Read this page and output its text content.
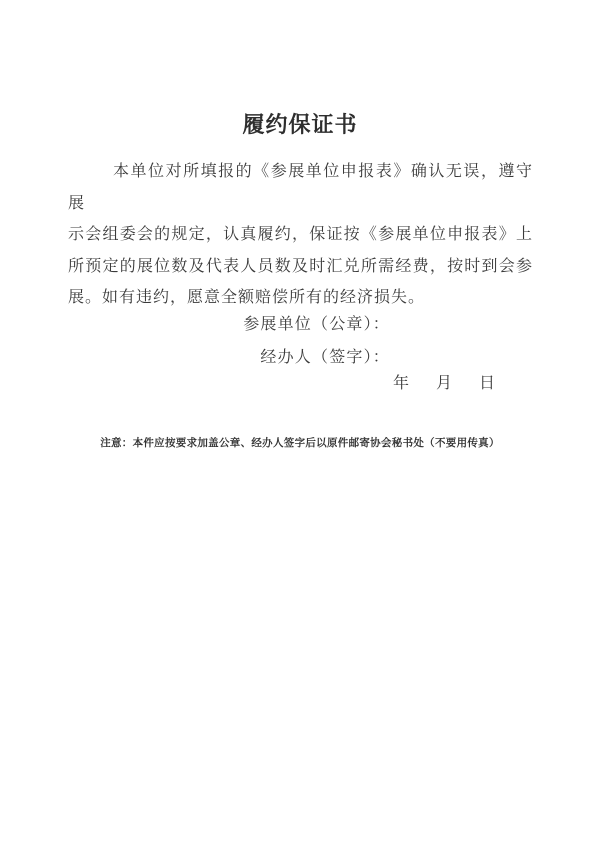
履约保证书
本单位对所填报的《参展单位申报表》确认无误，遵守展
示会组委会的规定，认真履约，保证按《参展单位申报表》上
所预定的展位数及代表人员数及时汇兑所需经费，按时到会参
展。如有违约，愿意全额赔偿所有的经济损失。
参展单位（公章）：
经办人（签字）：
年 月 日
注意：本件应按要求加盖公章、经办人签字后以原件邮寄协会秘书处（不要用传真）
